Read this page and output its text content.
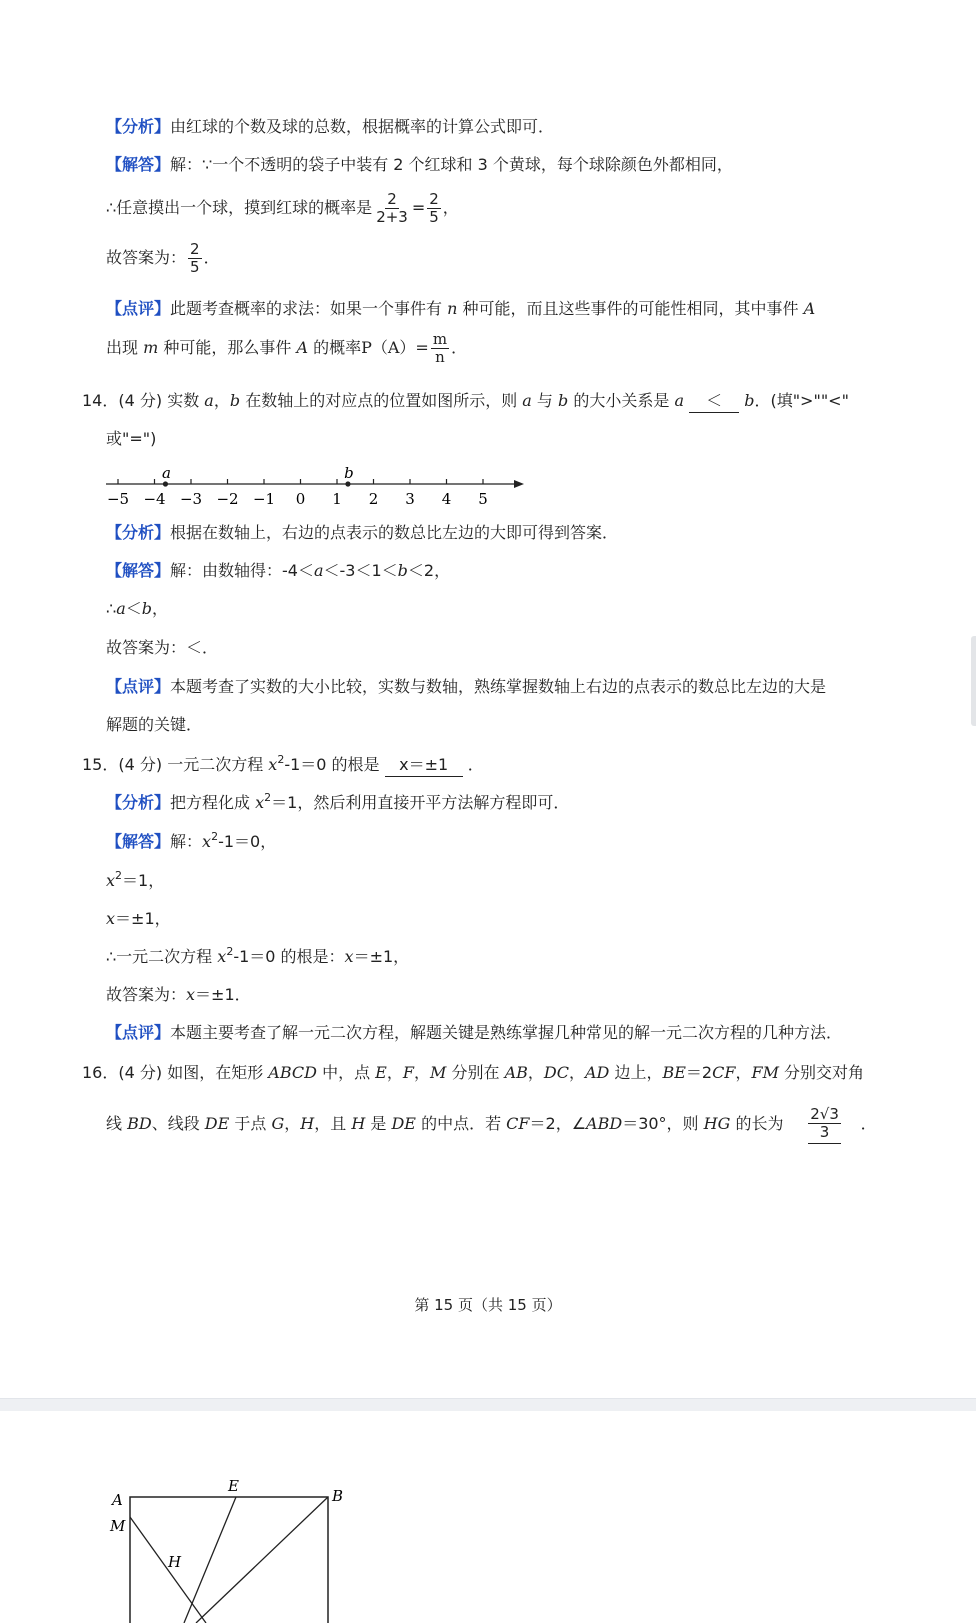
【分析】由红球的个数及球的总数，根据概率的计算公式即可．
【解答】解：∵一个不透明的袋子中装有 2 个红球和 3 个黄球，每个球除颜色外都相同，
∴任意摸出一个球，摸到红球的概率是 $\frac{2}{2+3} = \frac{2}{5}$ ，
故答案为： $\frac{2}{5}$ ．
【点评】此题考查概率的求法：如果一个事件有 n 种可能，而且这些事件的可能性相同，其中事件 A
出现 m 种可能，那么事件 A 的概率$P(A)= \frac{m}{n}$ ．
14．(4 分) 实数 a，b 在数轴上的对应点的位置如图所示，则 a 与 b 的大小关系是 a ＜ b．(填">""<"
或"=")
−5 −4 −3 −2 −1 0 1 2 3 4 5
a	b
【分析】根据在数轴上，右边的点表示的数总比左边的大即可得到答案．
【解答】解：由数轴得：-4＜a＜-3＜1＜b＜2，
∴a＜b，
故答案为：＜．
【点评】本题考查了实数的大小比较，实数与数轴，熟练掌握数轴上右边的点表示的数总比左边的大是
解题的关键．
15．(4 分) 一元二次方程 $x^2-1=0$ 的根是 x＝±1 ．
【分析】把方程化成 $x^2=1$，然后利用直接开平方法解方程即可．
【解答】解：$x^2-1=0$，
$x^2=1$，
x＝±1，
∴一元二次方程 $x^2-1=0$ 的根是：x＝±1，
故答案为：x＝±1．
【点评】本题主要考查了解一元二次方程，解题关键是熟练掌握几种常见的解一元二次方程的几种方法．
16．(4 分) 如图，在矩形 ABCD 中，点 E，F，M 分别在 AB，DC，AD 边上，BE＝2CF，FM 分别交对角
线 BD、线段 DE 于点 G，H，且 H 是 DE 的中点．若 CF＝2，∠ABD＝30°，则 HG 的长为 $\frac{2√3}{3}$ ．
第 15 页（共 15 页）
A
E
B
M
H
